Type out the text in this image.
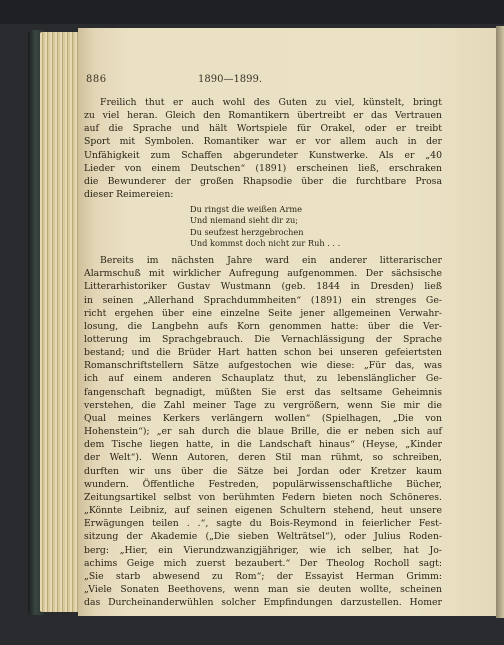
886	1890—1899.
Freilich thut er auch wohl des Guten zu viel, künstelt, bringt
zu viel heran. Gleich den Romantikern übertreibt er das Vertrauen
auf die Sprache und hält Wortspiele für Orakel, oder er treibt
Sport mit Symbolen. Romantiker war er vor allem auch in der
Unfähigkeit zum Schaffen abgerundeter Kunstwerke. Als er „40
Lieder von einem Deutschen“ (1891) erscheinen ließ, erschraken
die Bewunderer der großen Rhapsodie über die furchtbare Prosa
dieser Reimereien:
Du ringst die weißen Arme
Und niemand sieht dir zu;
Du seufzest herzgebrochen
Und kommst doch nicht zur Ruh . . .
Bereits im nächsten Jahre ward ein anderer litterarischer
Alarmschuß mit wirklicher Aufregung aufgenommen. Der sächsische
Litterarhistoriker Gustav Wustmann (geb. 1844 in Dresden) ließ
in seinen „Allerhand Sprachdummheiten“ (1891) ein strenges Ge-
richt ergehen über eine einzelne Seite jener allgemeinen Verwahr-
losung, die Langbehn aufs Korn genommen hatte: über die Ver-
lotterung im Sprachgebrauch. Die Vernachlässigung der Sprache
bestand; und die Brüder Hart hatten schon bei unseren gefeiertsten
Romanschriftstellern Sätze aufgestochen wie diese: „Für das, was
ich auf einem anderen Schauplatz thut, zu lebenslänglicher Ge-
fangenschaft begnadigt, müßten Sie erst das seltsame Geheimnis
verstehen, die Zahl meiner Tage zu vergrößern, wenn Sie mir die
Qual meines Kerkers verlängern wollen“ (Spielhagen, „Die von
Hohenstein“); „er sah durch die blaue Brille, die er neben sich auf
dem Tische liegen hatte, in die Landschaft hinaus“ (Heyse, „Kinder
der Welt“). Wenn Autoren, deren Stil man rühmt, so schreiben,
durften wir uns über die Sätze bei Jordan oder Kretzer kaum
wundern. Öffentliche Festreden, populärwissenschaftliche Bücher,
Zeitungsartikel selbst von berühmten Federn bieten noch Schöneres.
„Könnte Leibniz, auf seinen eigenen Schultern stehend, heut unsere
Erwägungen teilen . .“, sagte du Bois-Reymond in feierlicher Fest-
sitzung der Akademie („Die sieben Welträtsel“), oder Julius Roden-
berg: „Hier, ein Vierundzwanzigjähriger, wie ich selber, hat Jo-
achims Geige mich zuerst bezaubert.“ Der Theolog Rocholl sagt:
„Sie starb abwesend zu Rom“; der Essayist Herman Grimm:
„Viele Sonaten Beethovens, wenn man sie deuten wollte, scheinen
das Durcheinanderwühlen solcher Empfindungen darzustellen. Homer
